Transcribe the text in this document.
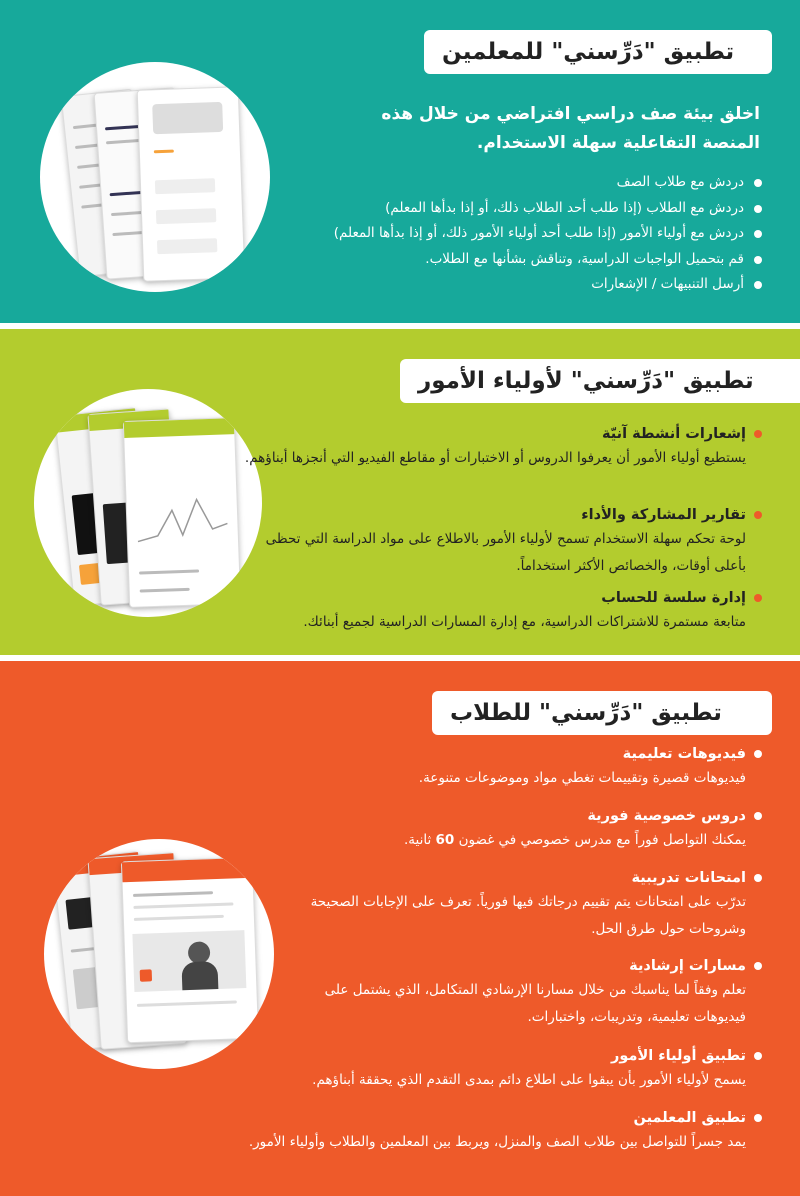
تطبيق "دَرِّسني" للمعلمين
اخلق بيئة صف دراسي افتراضي من خلال هذه المنصة التفاعلية سهلة الاستخدام.
دردش مع طلاب الصف
دردش مع الطلاب (إذا طلب أحد الطلاب ذلك، أو إذا بدأها المعلم)
دردش مع أولياء الأمور (إذا طلب أحد أولياء الأمور ذلك، أو إذا بدأها المعلم)
قم بتحميل الواجبات الدراسية، وتناقش بشأنها مع الطلاب.
أرسل التنبيهات / الإشعارات
تطبيق "دَرِّسني" لأولياء الأمور
إشعارات أنشطة آنيّة
يستطيع أولياء الأمور أن يعرفوا الدروس أو الاختبارات أو مقاطع الفيديو التي أنجزها أبناؤهم.
تقارير المشاركة والأداء
لوحة تحكم سهلة الاستخدام تسمح لأولياء الأمور بالاطلاع على مواد الدراسة التي تحظى بأعلى أوقات، والخصائص الأكثر استخداماً.
إدارة سلسة للحساب
متابعة مستمرة للاشتراكات الدراسية، مع إدارة المسارات الدراسية لجميع أبنائك.
تطبيق "دَرِّسني" للطلاب
فيديوهات تعليمية
فيديوهات قصيرة وتقييمات تغطي مواد وموضوعات متنوعة.
دروس خصوصية فورية
يمكنك التواصل فوراً مع مدرس خصوصي في غضون 60 ثانية.
امتحانات تدريبية
تدرّب على امتحانات يتم تقييم درجاتك فيها فورياً. تعرف على الإجابات الصحيحة وشروحات حول طرق الحل.
مسارات إرشادية
تعلم وفقاً لما يناسبك من خلال مسارنا الإرشادي المتكامل، الذي يشتمل على فيديوهات تعليمية، وتدريبات، واختبارات.
تطبيق أولياء الأمور
يسمح لأولياء الأمور بأن يبقوا على اطلاع دائم بمدى التقدم الذي يحققة أبناؤهم.
تطبيق المعلمين
يمد جسراً للتواصل بين طلاب الصف والمنزل، ويربط بين المعلمين والطلاب وأولياء الأمور.
